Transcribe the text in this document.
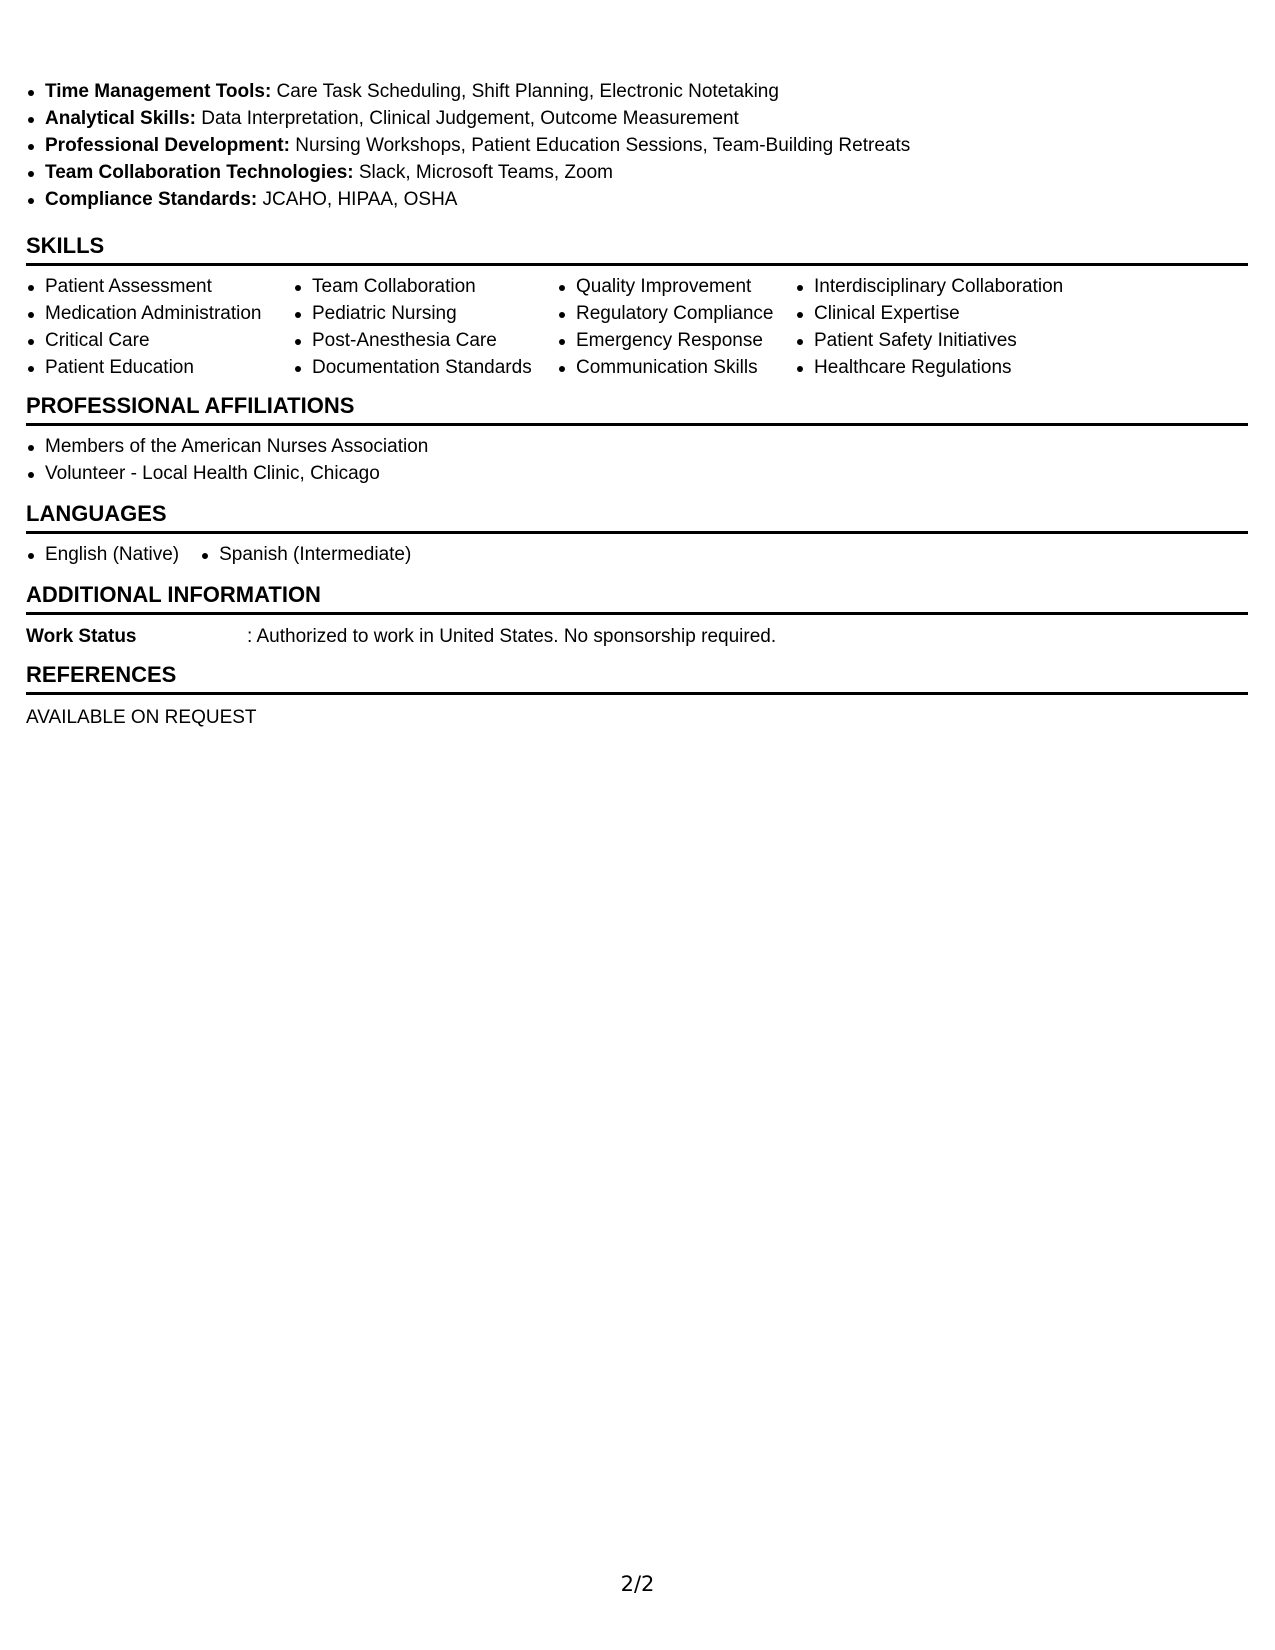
Time Management Tools: Care Task Scheduling, Shift Planning, Electronic Notetaking
Analytical Skills: Data Interpretation, Clinical Judgement, Outcome Measurement
Professional Development: Nursing Workshops, Patient Education Sessions, Team-Building Retreats
Team Collaboration Technologies: Slack, Microsoft Teams, Zoom
Compliance Standards: JCAHO, HIPAA, OSHA
SKILLS
Patient Assessment
Medication Administration
Critical Care
Patient Education
Team Collaboration
Pediatric Nursing
Post-Anesthesia Care
Documentation Standards
Quality Improvement
Regulatory Compliance
Emergency Response
Communication Skills
Interdisciplinary Collaboration
Clinical Expertise
Patient Safety Initiatives
Healthcare Regulations
PROFESSIONAL AFFILIATIONS
Members of the American Nurses Association
Volunteer - Local Health Clinic, Chicago
LANGUAGES
English (Native)	Spanish (Intermediate)
ADDITIONAL INFORMATION
Work Status	: Authorized to work in United States. No sponsorship required.
REFERENCES
AVAILABLE ON REQUEST
2/2
